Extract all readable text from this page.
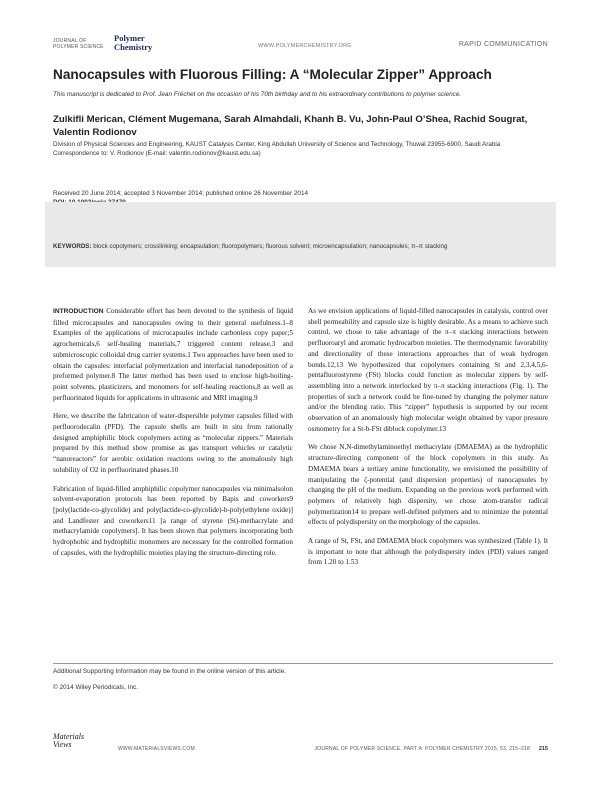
JOURNAL OF
POLYMER SCIENCE
Polymer
Chemistry	WWW.POLYMERCHEMISTRY.ORG	RAPID COMMUNICATION
Nanocapsules with Fluorous Filling: A “Molecular Zipper” Approach
This manuscript is dedicated to Prof. Jean Fréchet on the occasion of his 70th birthday and to his extraordinary contributions to polymer science.
Zulkifli Merican, Clément Mugemana, Sarah Almahdali, Khanh B. Vu, John-Paul O’Shea, Rachid Sougrat, Valentin Rodionov
Division of Physical Sciences and Engineering, KAUST Catalysis Center, King Abdullah University of Science and Technology, Thuwal 23955-6900, Saudi Arabia
Correspondence to: V. Rodionov (E-mail: valentin.rodionov@kaust.edu.sa)
Received 20 June 2014; accepted 3 November 2014; published online 26 November 2014
KEYWORDS: block copolymers; crosslinking; encapsulation; fluoropolymers; fluorous solvent; microencapsulation; nanocapsules; π–π stacking

INTRODUCTION Considerable effort has been devoted to the synthesis of liquid filled microcapsules and nanocapsules owing to their general usefulness.1–8 Examples of the applications of microcapsules include carbonless copy paper;5 agrochemicals,6 self-healing materials,7 triggered content release,3 and submicroscopic colloidal drug carrier systems.1 Two approaches have been used to obtain the capsules: interfacial polymerization and interfacial nanodeposition of a preformed polymer.8 The latter method has been used to enclose high-boiling-point solvents, plasticizers, and monomers for self-healing reactions,8 as well as perfluorinated liquids for applications in ultrasonic and MRI imaging.9

Here, we describe the fabrication of water-dispersible polymer capsules filled with perfluorodecalin (PFD). The capsule shells are built in situ from rationally designed amphiphilic block copolymers acting as “molecular zippers.” Materials prepared by this method show promise as gas transport vehicles or catalytic “nanoreactors” for aerobic oxidation reactions owing to the anomalously high solubility of O2 in perfluorinated phases.10

Fabrication of liquid-filled amphiphilic copolymer nanocapsules via minimalsolon solvent-evaporation protocols has been reported by Bapis and coworkers9 [poly(lactide-co-glycolide) and poly(lactide-co-glycolide)-b-poly(ethylene oxide)] and Landfester and coworkers11 [a range of styrene (St)-methacrylate and methacrylamide copolymers]. It has been shown that polymers incorporating both hydrophobic and hydrophilic monomers are necessary for the controlled formation of capsules, with the hydrophilic moieties playing the structure-directing role.

As we envision applications of liquid-filled nanocapsules in catalysis, control over shell permeability and capsule size is highly desirable. As a means to achieve such control, we chose to take advantage of the π–π stacking interactions between perfluoroaryl and aromatic hydrocarbon moieties. The thermodynamic favorability and directionality of these interactions approaches that of weak hydrogen bonds.12,13 We hypothesized that copolymers containing St and 2,3,4,5,6-pentafluorostyrene (FSt) blocks could function as molecular zippers by self-assembling into a network interlocked by π–π stacking interactions (Fig. 1). The properties of such a network could be fine-tuned by changing the polymer nature and/or the blending ratio. This “zipper” hypothesis is supported by our recent observation of an anomalously high molecular weight obtained by vapor pressure osmometry for a St-b-FSt diblock copolymer.13

We chose N,N-dimethylaminoethyl methacrylate (DMAEMA) as the hydrophilic structure-directing component of the block copolymers in this study. As DMAEMA bears a tertiary amine functionality, we envisioned the possibility of manipulating the ζ-potential (and dispersion properties) of nanocapsules by changing the pH of the medium. Expanding on the previous work performed with polymers of relatively high dispersity, we chose atom-transfer radical polymerization14 to prepare well-defined polymers and to minimize the potential effects of polydispersity on the morphology of the capsules.

A range of St, FSt, and DMAEMA block copolymers was synthesized (Table 1). It is important to note that although the polydispersity index (PDI) values ranged from 1.20 to 1.53

Additional Supporting Information may be found in the online version of this article.
© 2014 Wiley Periodicals, Inc.
Materials
Views	WWW.MATERIALSVIEWS.COM	JOURNAL OF POLYMER SCIENCE, PART A: POLYMER CHEMISTRY 2015, 53, 215–218 215
